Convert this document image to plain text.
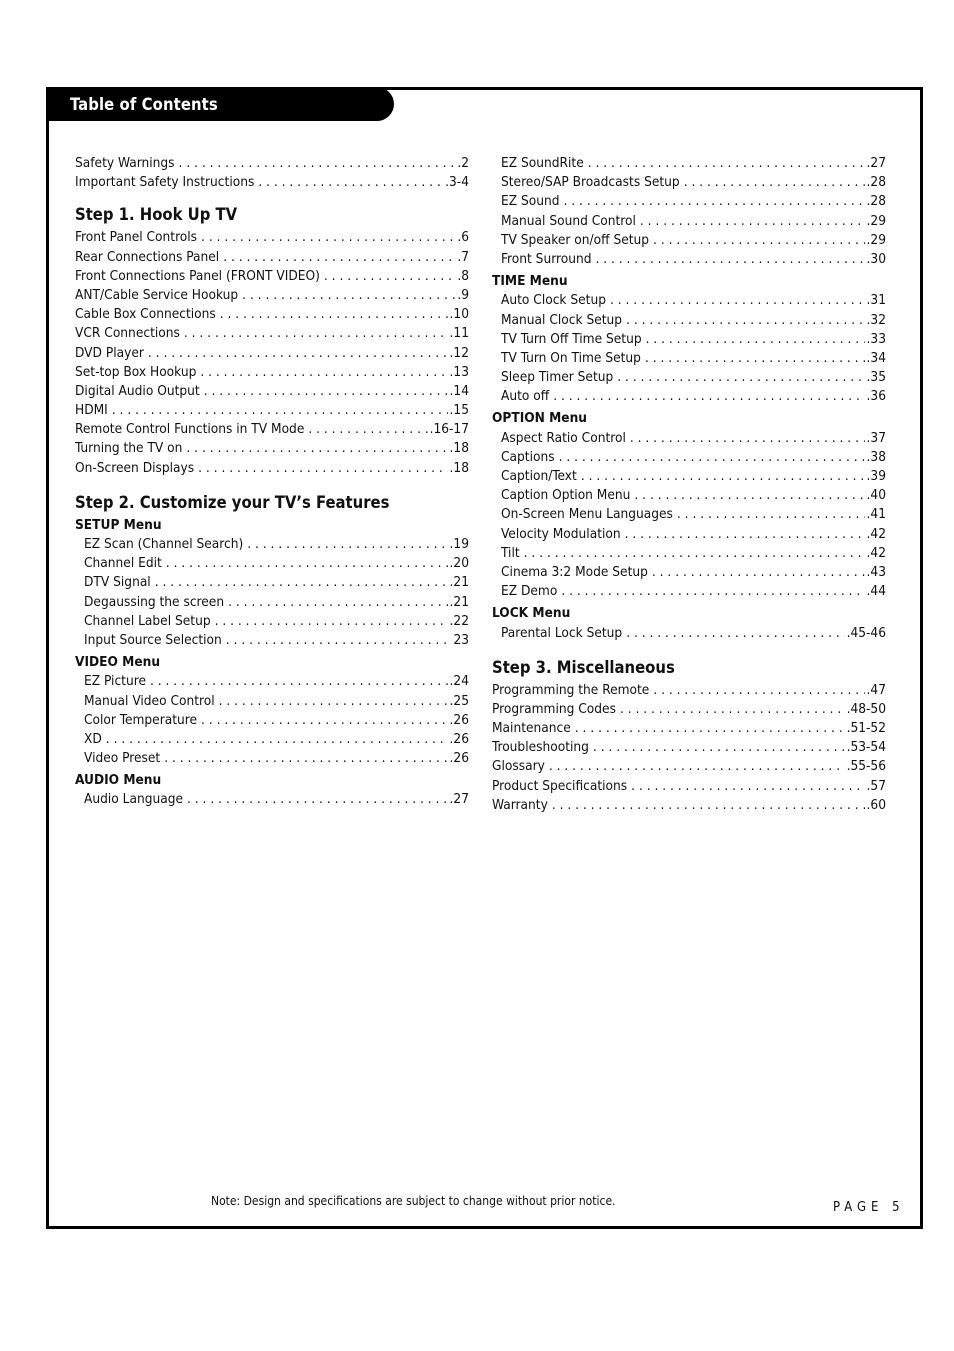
Table of Contents
Safety Warnings . . .	.2
Important Safety Instructions . . .	.3-4
Step 1. Hook Up TV
Front Panel Controls . . .	.6
Rear Connections Panel . . .	.7
Front Connections Panel (FRONT VIDEO) . . .	.8
ANT/Cable Service Hookup . . .	.9
Cable Box Connections . . .	.10
VCR Connections . . .	.11
DVD Player . . .	.12
Set-top Box Hookup . . .	.13
Digital Audio Output . . .	.14
HDMI . . .	.15
Remote Control Functions in TV Mode . . .	.16-17
Turning the TV on . . .	.18
On-Screen Displays . . .	.18
Step 2. Customize your TV’s Features
SETUP Menu
EZ Scan (Channel Search) . . .	.19
Channel Edit . . .	.20
DTV Signal . . .	.21
Degaussing the screen . . .	.21
Channel Label Setup . . .	.22
Input Source Selection . . .	23
VIDEO Menu
EZ Picture . . .	.24
Manual Video Control . . .	.25
Color Temperature . . .	.26
XD . . .	.26
Video Preset . . .	.26
AUDIO Menu
Audio Language . . .	.27
EZ SoundRite . . .	.27
Stereo/SAP Broadcasts Setup . . .	.28
EZ Sound . . .	.28
Manual Sound Control . . .	.29
TV Speaker on/off Setup . . .	.29
Front Surround . . .	.30
TIME Menu
Auto Clock Setup . . .	.31
Manual Clock Setup . . .	.32
TV Turn Off Time Setup . . .	.33
TV Turn On Time Setup . . .	.34
Sleep Timer Setup . . .	.35
Auto off . . .	.36
OPTION Menu
Aspect Ratio Control . . .	.37
Captions . . .	.38
Caption/Text . . .	.39
Caption Option Menu . . .	.40
On-Screen Menu Languages . . .	.41
Velocity Modulation . . .	.42
Tilt . . .	.42
Cinema 3:2 Mode Setup . . .	.43
EZ Demo . . .	.44
LOCK Menu
Parental Lock Setup . . .	.45-46
Step 3. Miscellaneous
Programming the Remote . . .	.47
Programming Codes . . .	.48-50
Maintenance . . .	.51-52
Troubleshooting . . .	.53-54
Glossary . . .	.55-56
Product Specifications . . .	.57
Warranty . . .	.60
Note: Design and specifications are subject to change without prior notice.	PAGE 5
